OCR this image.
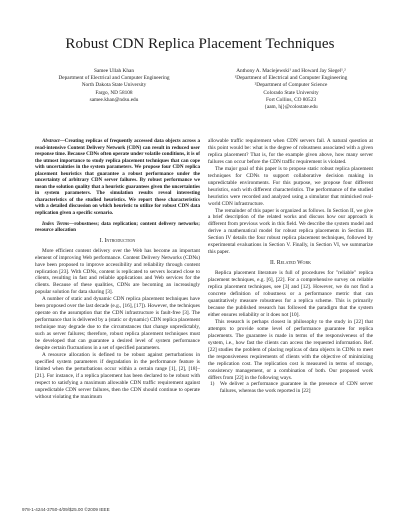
Robust CDN Replica Placement Techniques
Samee Ullah Khan
Department of Electrical and Computer Engineering
North Dakota State University
Fargo, ND 58108
samee.khan@ndsu.edu
Anthony A. Maciejewski¹ and Howard Jay Siegel¹,²
¹Department of Electrical and Computer Engineering
²Department of Computer Science
Colorado State University
Fort Collins, CO 80523
{aam, hj}@colostate.edu

Abstract—Creating replicas of frequently accessed data objects across a read-intensive Content Delivery Network (CDN) can result in reduced user response time. Because CDNs often operate under volatile conditions, it is of the utmost importance to study replica placement techniques that can cope with uncertainties in the system parameters. We propose four CDN replica placement heuristics that guarantee a robust performance under the uncertainty of arbitrary CDN server failures. By robust performance we mean the solution quality that a heuristic guarantees given the uncertainties in system parameters. The simulation results reveal interesting characteristics of the studied heuristics. We report these characteristics with a detailed discussion on which heuristic to utilize for robust CDN data replication given a specific scenario.

Index Terms—robustness; data replication; content delivery networks; resource allocation

I. Introduction

More efficient content delivery over the Web has become an important element of improving Web performance. Content Delivery Networks (CDNs) have been proposed to improve accessibility and reliability through content replication [23]. With CDNs, content is replicated to servers located close to clients, resulting in fast and reliable applications and Web services for the clients. Because of these qualities, CDNs are becoming an increasingly popular solution for data sharing [3].

A number of static and dynamic CDN replica placement techniques have been proposed over the last decade (e.g., [16], [17]). However, the techniques operate on the assumption that the CDN infrastructure is fault-free [3]. The performance that is delivered by a (static or dynamic) CDN replica placement technique may degrade due to the circumstances that change unpredictably, such as server failures; therefore, robust replica placement techniques must be developed that can guarantee a desired level of system performance despite certain fluctuations in a set of specified parameters.

A resource allocation is defined to be robust against perturbations in specified system parameters if degradation in the performance feature is limited when the perturbations occur within a certain range [1], [2], [18]–[21]. For instance, if a replica placement has been declared to be robust with respect to satisfying a maximum allowable CDN traffic requirement against unpredictable CDN server failures, then the CDN should continue to operate without violating the maximum

allowable traffic requirement when CDN servers fail. A natural question at this point would be: what is the degree of robustness associated with a given replica placement? That is, for the example given above, how many server failures can occur before the CDN traffic requirement is violated.

The major goal of this paper is to propose static robust replica placement techniques for CDNs to support collaborative decision making in unpredictable environments. For this purpose, we propose four different heuristics, each with different characteristics. The performance of the studied heuristics were recorded and analyzed using a simulator that mimicked real-world CDN infrastructure.

The remainder of this paper is organized as follows. In Section II, we give a brief description of the related works and discuss how our approach is different from previous work in this field. We describe the system model and derive a mathematical model for robust replica placements in Section III. Section IV details the four robust replica placement techniques, followed by experimental evaluations in Section V. Finally, in Section VI, we summarize this paper.

II. Related Work

Replica placement literature is full of procedures for "reliable" replica placement techniques, e.g. [6], [22]. For a comprehensive survey on reliable replica placement techniques, see [3] and [12]. However, we do not find a concrete definition of robustness or a performance metric that can quantitatively measure robustness for a replica scheme. This is primarily because the published research has followed the paradigm that the system either ensures reliability or it does not [10].

This research is perhaps closest in philosophy to the study in [22] that attempts to provide some level of performance guarantee for replica placements. The guarantee is made in terms of the responsiveness of the system, i.e., how fast the clients can access the requested information. Ref. [22] studies the problem of placing replicas of data objects in CDNs to meet the responsiveness requirements of clients with the objective of minimizing the replication cost. The replication cost is measured in terms of storage, consistency management, or a combination of both. Our proposed work differs from [22] in the following ways.

1) We deliver a performance guarantee in the presence of CDN server failures, whereas the work reported in [22]

978-1-4244-3750-4/09/$25.00 ©2009 IEEE
